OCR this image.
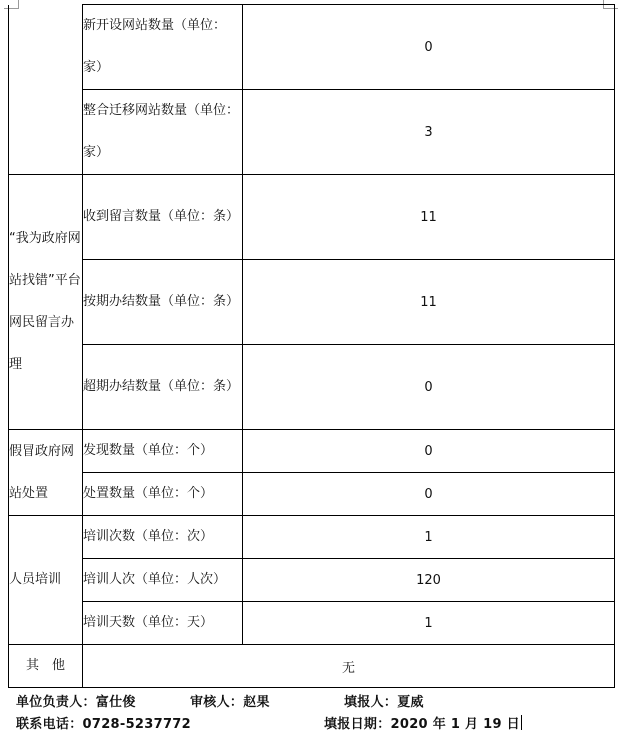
	新开设网站数量（单位：家）	0
	整合迁移网站数量（单位：家）	3
“我为政府网站找错”平台网民留言办理	收到留言数量（单位：条）	11
	按期办结数量（单位：条）	11
	超期办结数量（单位：条）	0
假冒政府网站处置	发现数量（单位：个）	0
	处置数量（单位：个）	0
人员培训	培训次数（单位：次）	1
	培训人次（单位：人次）	120
	培训天数（单位：天）	1
其　他	无	
单位负责人：富仕俊	审核人：赵果	填报人：夏威
联系电话：0728-5237772	填报日期：2020 年 1 月 19 日
